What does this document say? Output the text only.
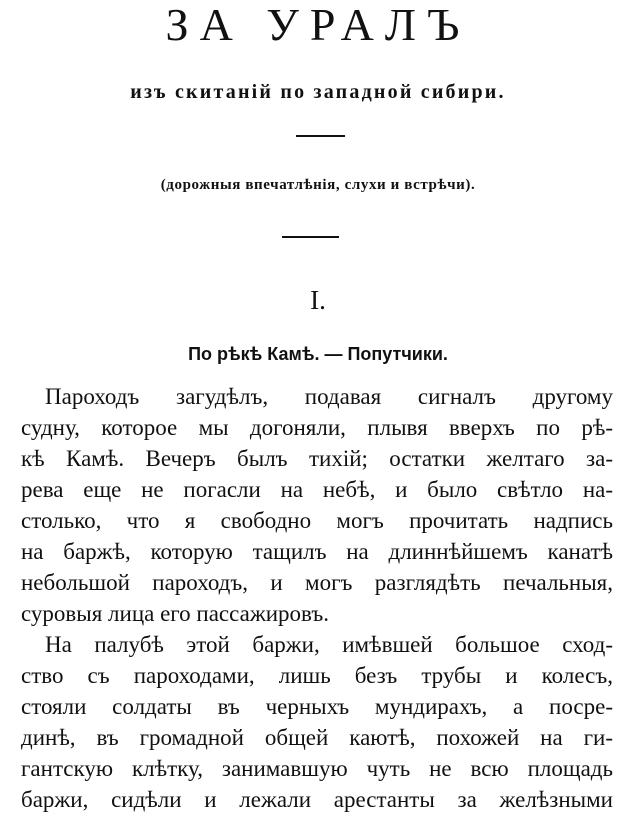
ЗА УРАЛЪ
изъ скитаній по западной сибири.
(дорожныя впечатлѣнія, слухи и встрѣчи).
I.
По рѣкѣ Камѣ. — Попутчики.
Пароходъ загудѣлъ, подавая сигналъ другому
судну, которое мы догоняли, плывя вверхъ по рѣ-
кѣ Камѣ. Вечеръ былъ тихій; остатки желтаго за-
рева еще не погасли на небѣ, и было свѣтло на-
столько, что я свободно могъ прочитать надпись
на баржѣ, которую тащилъ на длиннѣйшемъ канатѣ
небольшой пароходъ, и могъ разглядѣть печальныя,
суровыя лица его пассажировъ.
На палубѣ этой баржи, имѣвшей большое сход-
ство съ пароходами, лишь безъ трубы и колесъ,
стояли солдаты въ черныхъ мундирахъ, а посре-
динѣ, въ громадной общей каютѣ, похожей на ги-
гантскую клѣтку, занимавшую чуть не всю площадь
баржи, сидѣли и лежали арестанты за желѣзными
